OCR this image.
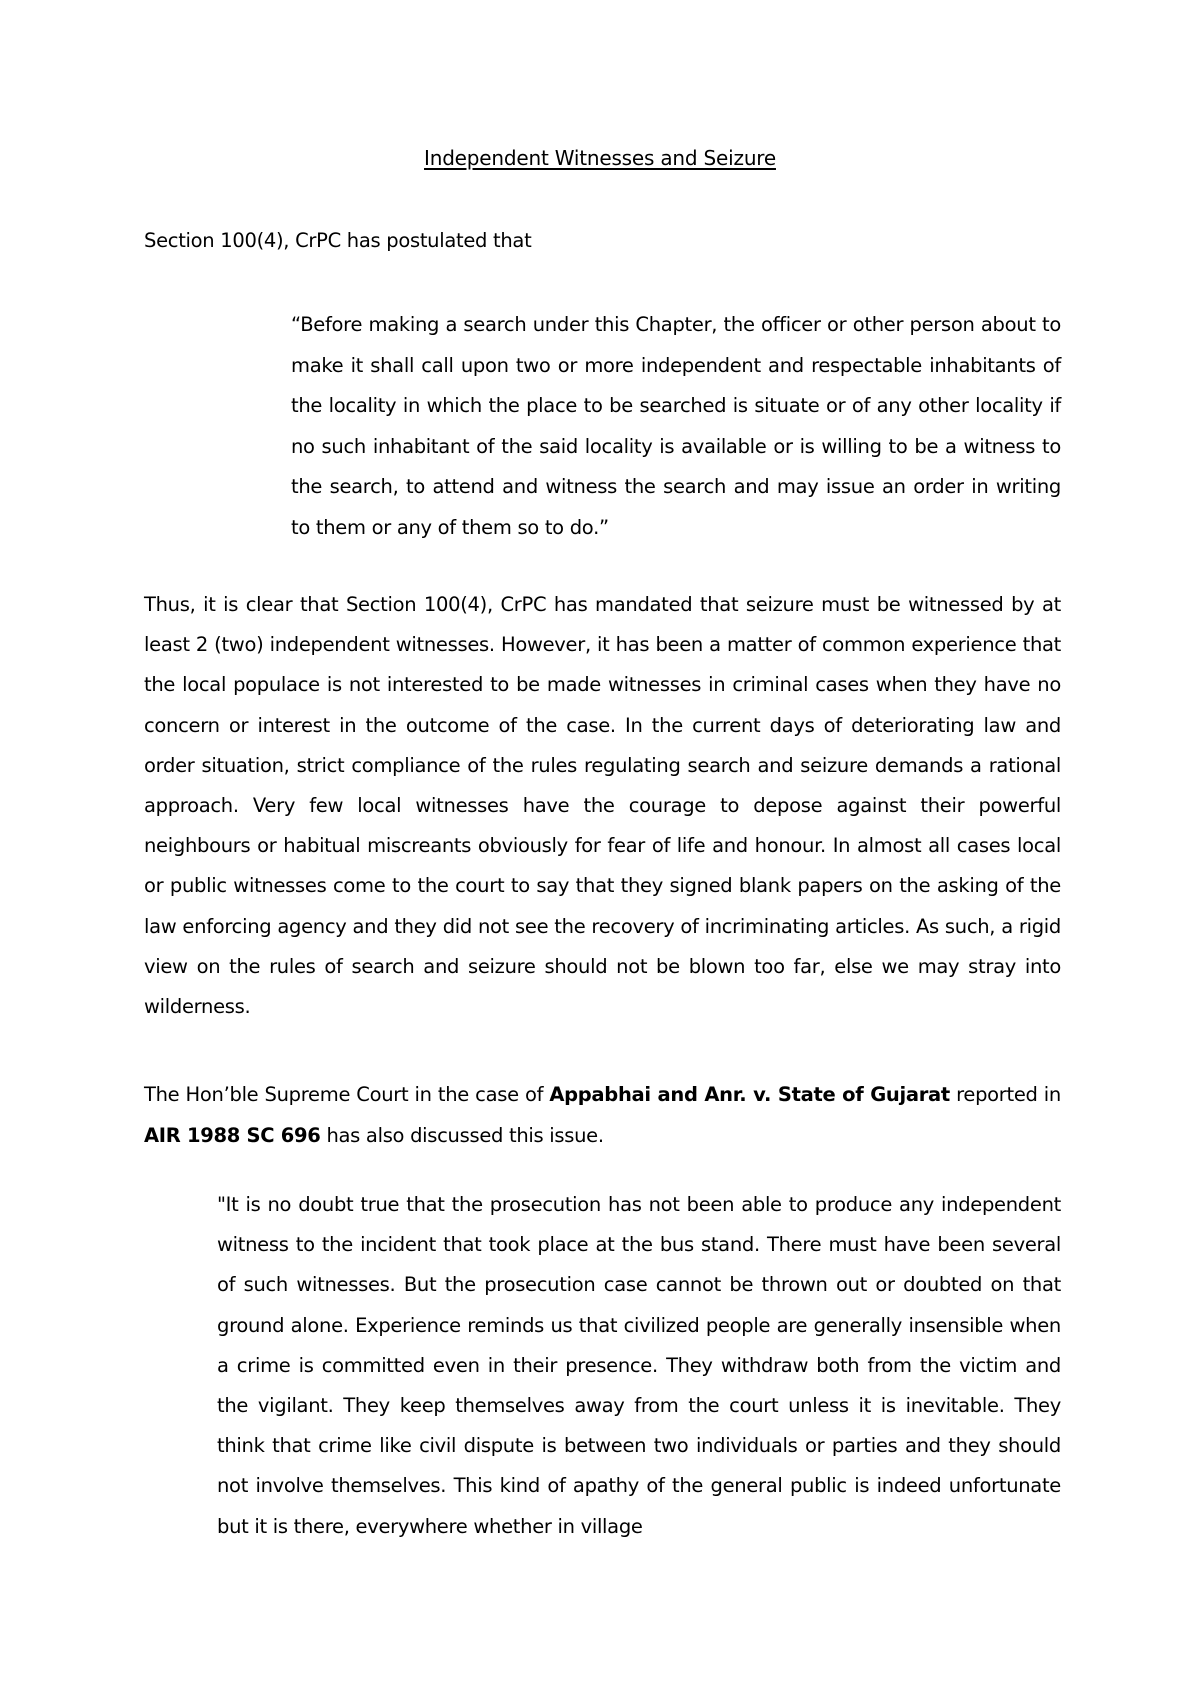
Independent Witnesses and Seizure

Section 100(4), CrPC has postulated that

“Before making a search under this Chapter, the officer or other person about to make it shall call upon two or more independent and respectable inhabitants of the locality in which the place to be searched is situate or of any other locality if no such inhabitant of the said locality is available or is willing to be a witness to the search, to attend and witness the search and may issue an order in writing to them or any of them so to do.”

Thus, it is clear that Section 100(4), CrPC has mandated that seizure must be witnessed by at least 2 (two) independent witnesses. However, it has been a matter of common experience that the local populace is not interested to be made witnesses in criminal cases when they have no concern or interest in the outcome of the case. In the current days of deteriorating law and order situation, strict compliance of the rules regulating search and seizure demands a rational approach. Very few local witnesses have the courage to depose against their powerful neighbours or habitual miscreants obviously for fear of life and honour. In almost all cases local or public witnesses come to the court to say that they signed blank papers on the asking of the law enforcing agency and they did not see the recovery of incriminating articles. As such, a rigid view on the rules of search and seizure should not be blown too far, else we may stray into wilderness.

The Hon’ble Supreme Court in the case of Appabhai and Anr. v. State of Gujarat reported in AIR 1988 SC 696 has also discussed this issue.

"It is no doubt true that the prosecution has not been able to produce any independent witness to the incident that took place at the bus stand. There must have been several of such witnesses. But the prosecution case cannot be thrown out or doubted on that ground alone. Experience reminds us that civilized people are generally insensible when a crime is committed even in their presence. They withdraw both from the victim and the vigilant. They keep themselves away from the court unless it is inevitable. They think that crime like civil dispute is between two individuals or parties and they should not involve themselves. This kind of apathy of the general public is indeed unfortunate but it is there, everywhere whether in village
